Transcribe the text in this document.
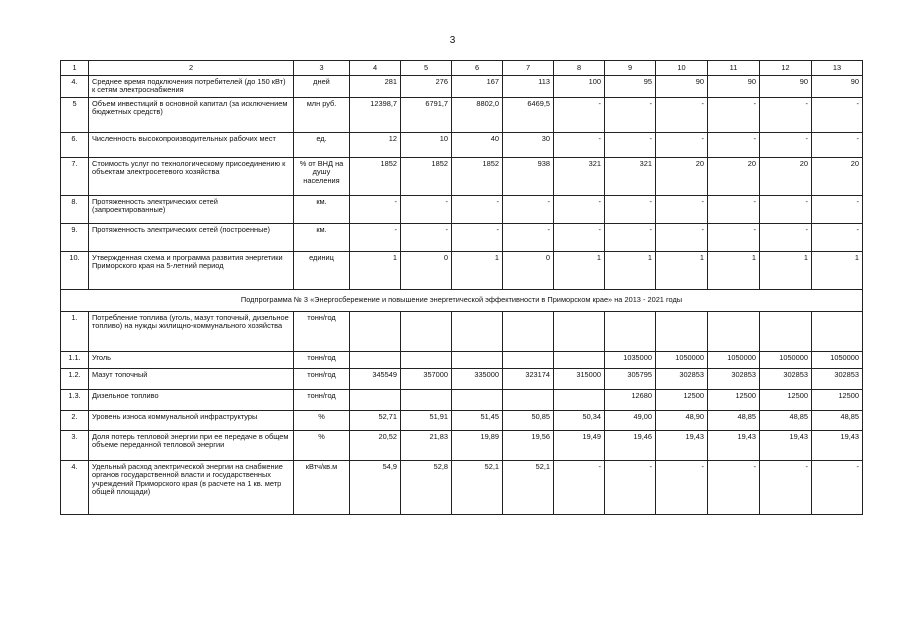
3
1	2	3	4	5	6	7	8	9	10	11	12	13
4.	Среднее время подключения потребителей (до 150 кВт) к сетям электроснабжения	дней	281	276	167	113	100	95	90	90	90	90
5	Объем инвестиций в основной капитал (за исключением бюджетных средств)	млн руб.	12398,7	6791,7	8802,0	6469,5	-	-	-	-	-	-
6.	Численность высокопроизводительных рабочих мест	ед.	12	10	40	30	-	-	-	-	-	-
7.	Стоимость услуг по технологическому присоединению к объектам электросетевого хозяйства	% от ВНД на душу населения	1852	1852	1852	938	321	321	20	20	20	20
8.	Протяженность электрических сетей (запроектированные)	км.	-	-	-	-	-	-	-	-	-	-
9.	Протяженность электрических сетей (построенные)	км.	-	-	-	-	-	-	-	-	-	-
10.	Утвержденная схема и программа развития энергетики Приморского края на 5-летний период	единиц	1	0	1	0	1	1	1	1	1	1
Подпрограмма № 3 «Энергосбережение и повышение энергетической эффективности в Приморском крае» на 2013 - 2021 годы												
1.	Потребление топлива (уголь, мазут топочный, дизельное топливо) на нужды жилищно-коммунального хозяйства	тонн/год										
1.1.	Уголь	тонн/год						1035000	1050000	1050000	1050000	1050000
1.2.	Мазут топочный	тонн/год	345549	357000	335000	323174	315000	305795	302853	302853	302853	302853
1.3.	Дизельное топливо	тонн/год						12680	12500	12500	12500	12500
2.	Уровень износа коммунальной инфраструктуры	%	52,71	51,91	51,45	50,85	50,34	49,00	48,90	48,85	48,85	48,85
3.	Доля потерь тепловой энергии при ее передаче в общем объеме переданной тепловой энергии	%	20,52	21,83	19,89	19,56	19,49	19,46	19,43	19,43	19,43	19,43
4.	Удельный расход электрической энергии на снабжение органов государственной власти и государственных учреждений Приморского края (в расчете на 1 кв. метр общей площади)	кВтч/кв.м	54,9	52,8	52,1	52,1	-	-	-	-	-	-
